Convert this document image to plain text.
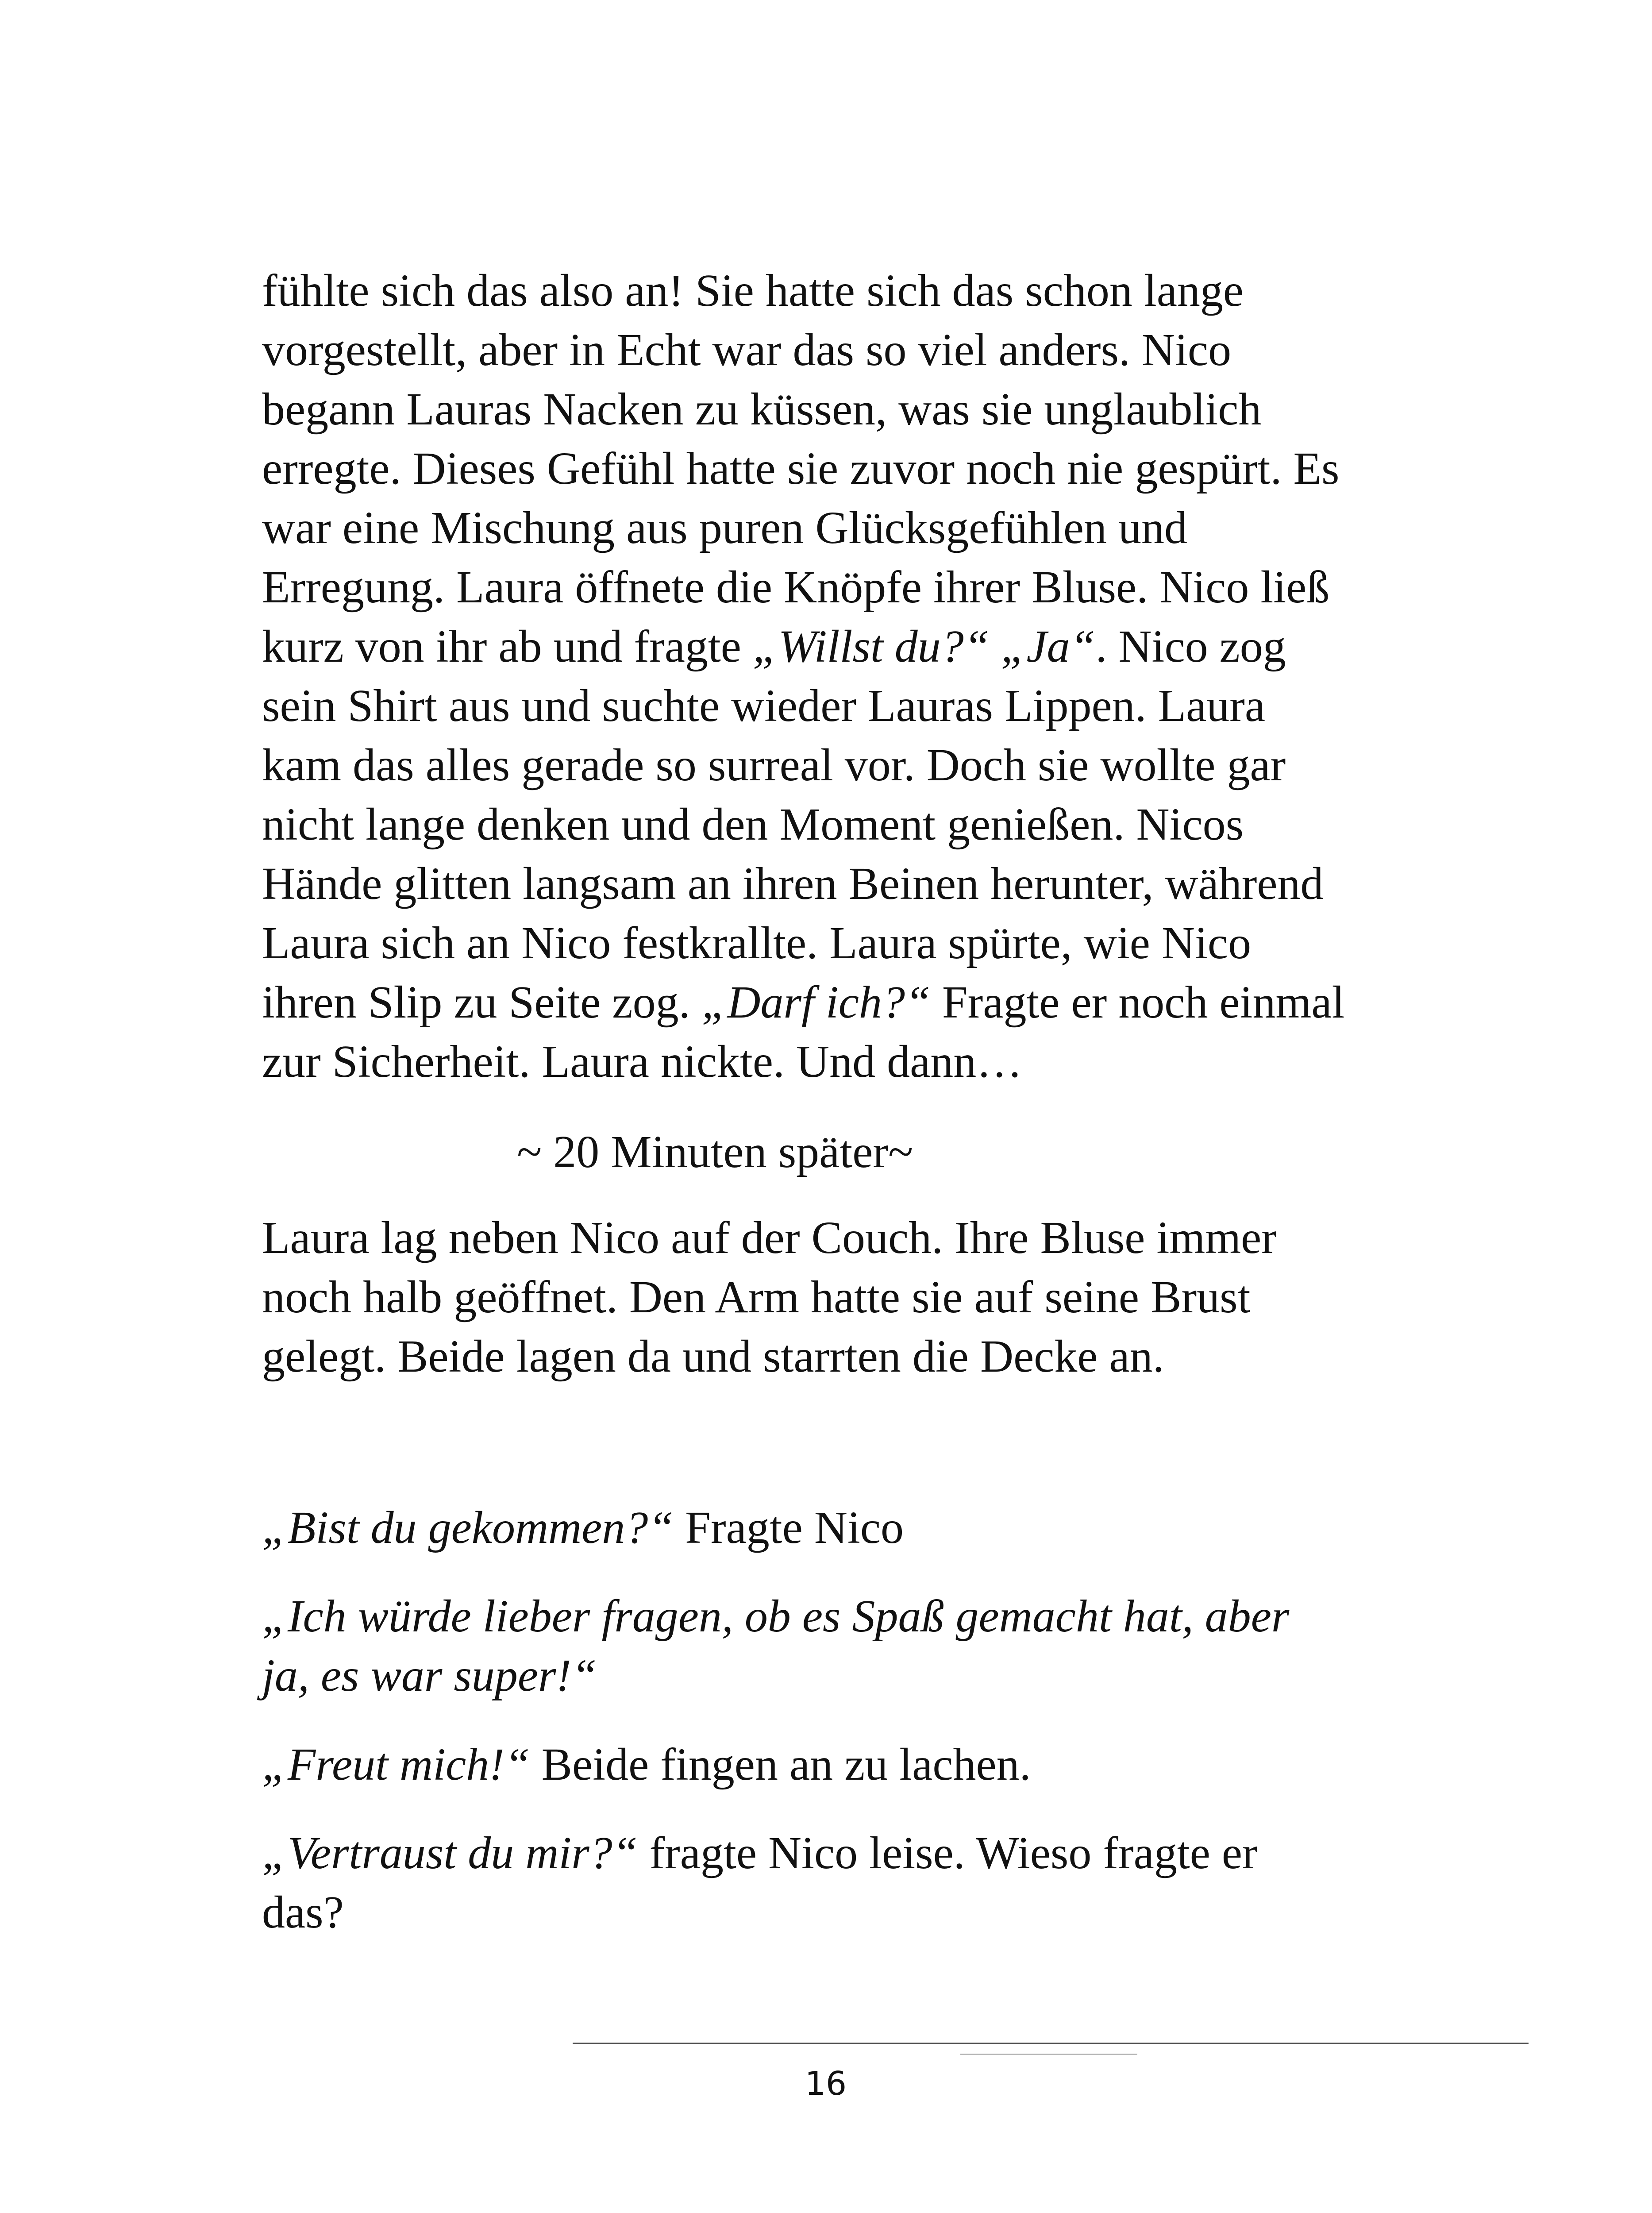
fühlte sich das also an! Sie hatte sich das schon lange
vorgestellt, aber in Echt war das so viel anders. Nico
begann Lauras Nacken zu küssen, was sie unglaublich
erregte. Dieses Gefühl hatte sie zuvor noch nie gespürt. Es
war eine Mischung aus puren Glücksgefühlen und
Erregung. Laura öffnete die Knöpfe ihrer Bluse. Nico ließ
kurz von ihr ab und fragte „Willst du?“ „Ja“. Nico zog
sein Shirt aus und suchte wieder Lauras Lippen. Laura
kam das alles gerade so surreal vor. Doch sie wollte gar
nicht lange denken und den Moment genießen. Nicos
Hände glitten langsam an ihren Beinen herunter, während
Laura sich an Nico festkrallte. Laura spürte, wie Nico
ihren Slip zu Seite zog. „Darf ich?“ Fragte er noch einmal
zur Sicherheit. Laura nickte. Und dann…
~ 20 Minuten später~
Laura lag neben Nico auf der Couch. Ihre Bluse immer
noch halb geöffnet. Den Arm hatte sie auf seine Brust
gelegt. Beide lagen da und starrten die Decke an.
„Bist du gekommen?“ Fragte Nico
„Ich würde lieber fragen, ob es Spaß gemacht hat, aber
ja, es war super!“
„Freut mich!“ Beide fingen an zu lachen.
„Vertraust du mir?“ fragte Nico leise. Wieso fragte er
das?
16
